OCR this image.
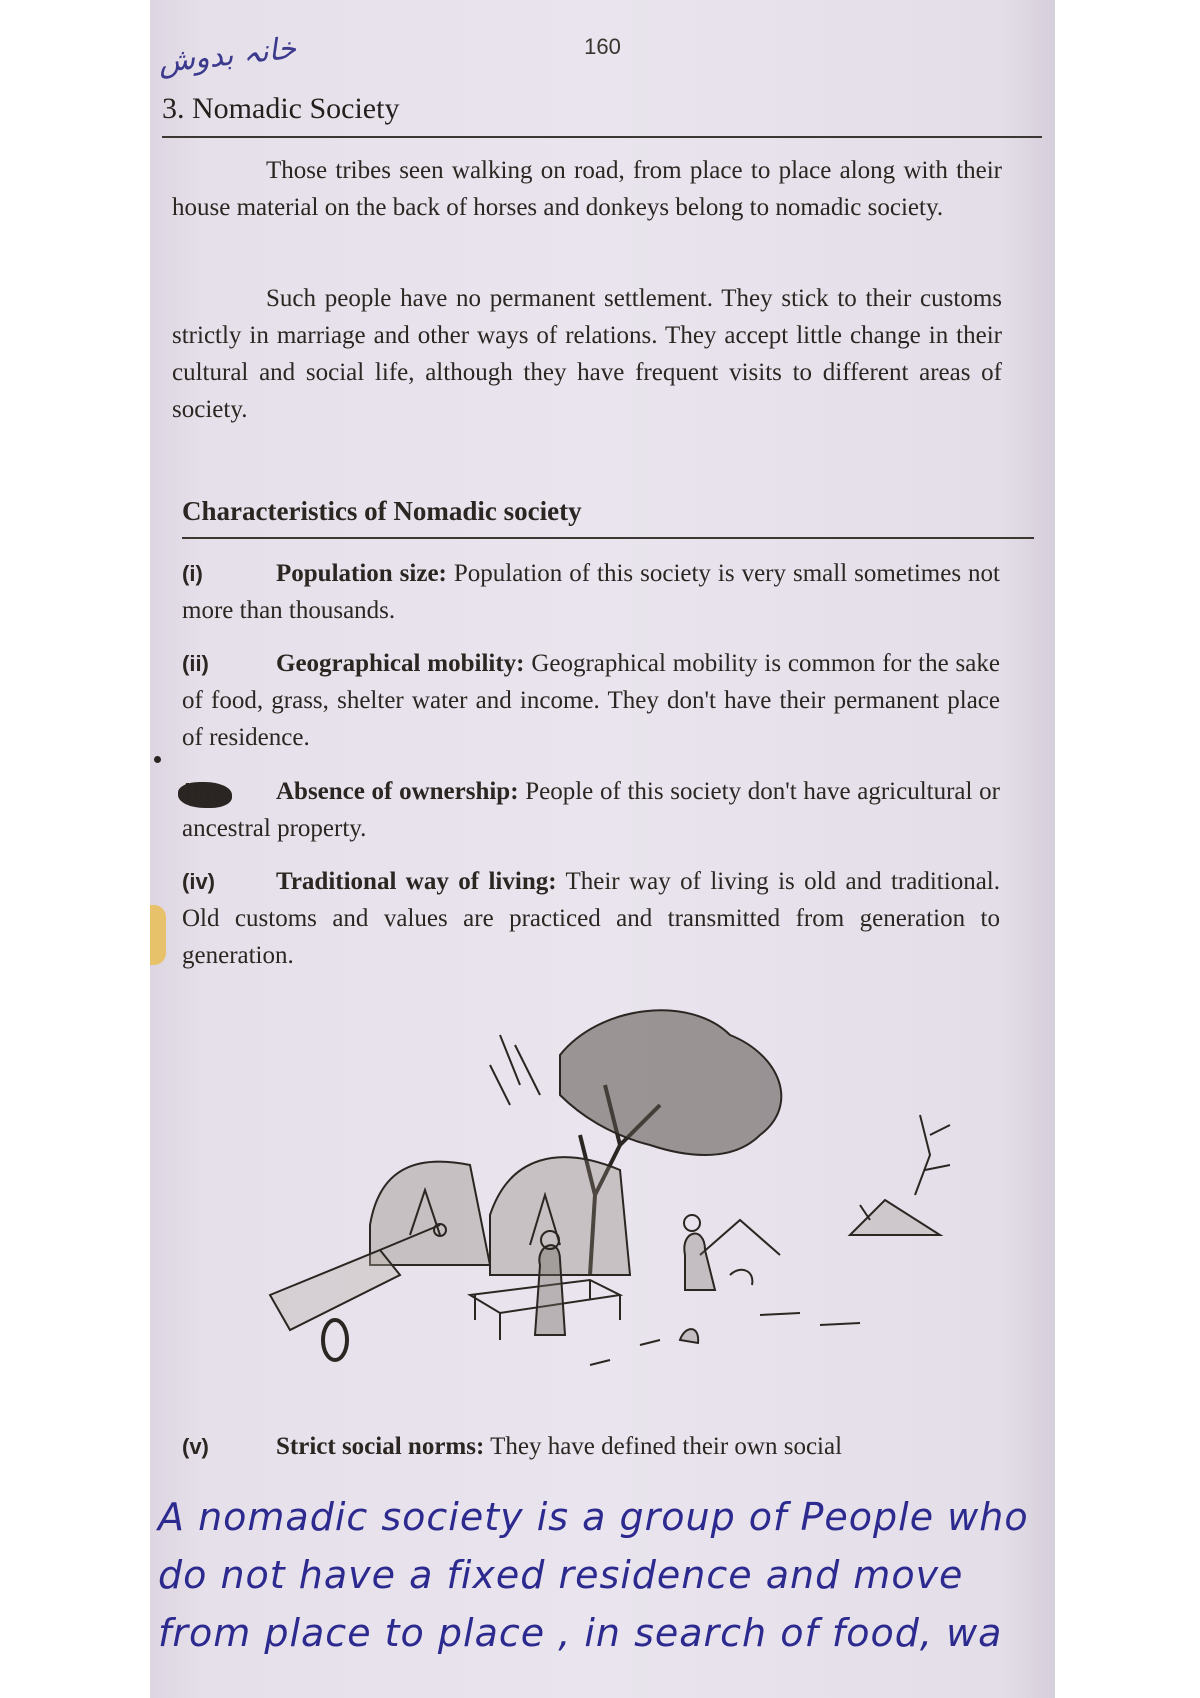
160
خانہ بدوش
3. Nomadic Society

Those tribes seen walking on road, from place to place along with their house material on the back of horses and donkeys belong to nomadic society.

Such people have no permanent settlement. They stick to their customs strictly in marriage and other ways of relations. They accept little change in their cultural and social life, although they have frequent visits to different areas of society.

Characteristics of Nomadic society

(i)	Population size: Population of this society is very small sometimes not more than thousands.

(ii)	Geographical mobility: Geographical mobility is common for the sake of food, grass, shelter water and income. They don't have their permanent place of residence.

(iii) Absence of ownership: People of this society don't have agricultural or ancestral property.

(iv) Traditional way of living: Their way of living is old and traditional. Old customs and values are practiced and transmitted from generation to generation.

(v)	Strict social norms: They have defined their own social

A nomadic society is a group of People who
do not have a fixed residence and move
from place to place , in search of food, wa
